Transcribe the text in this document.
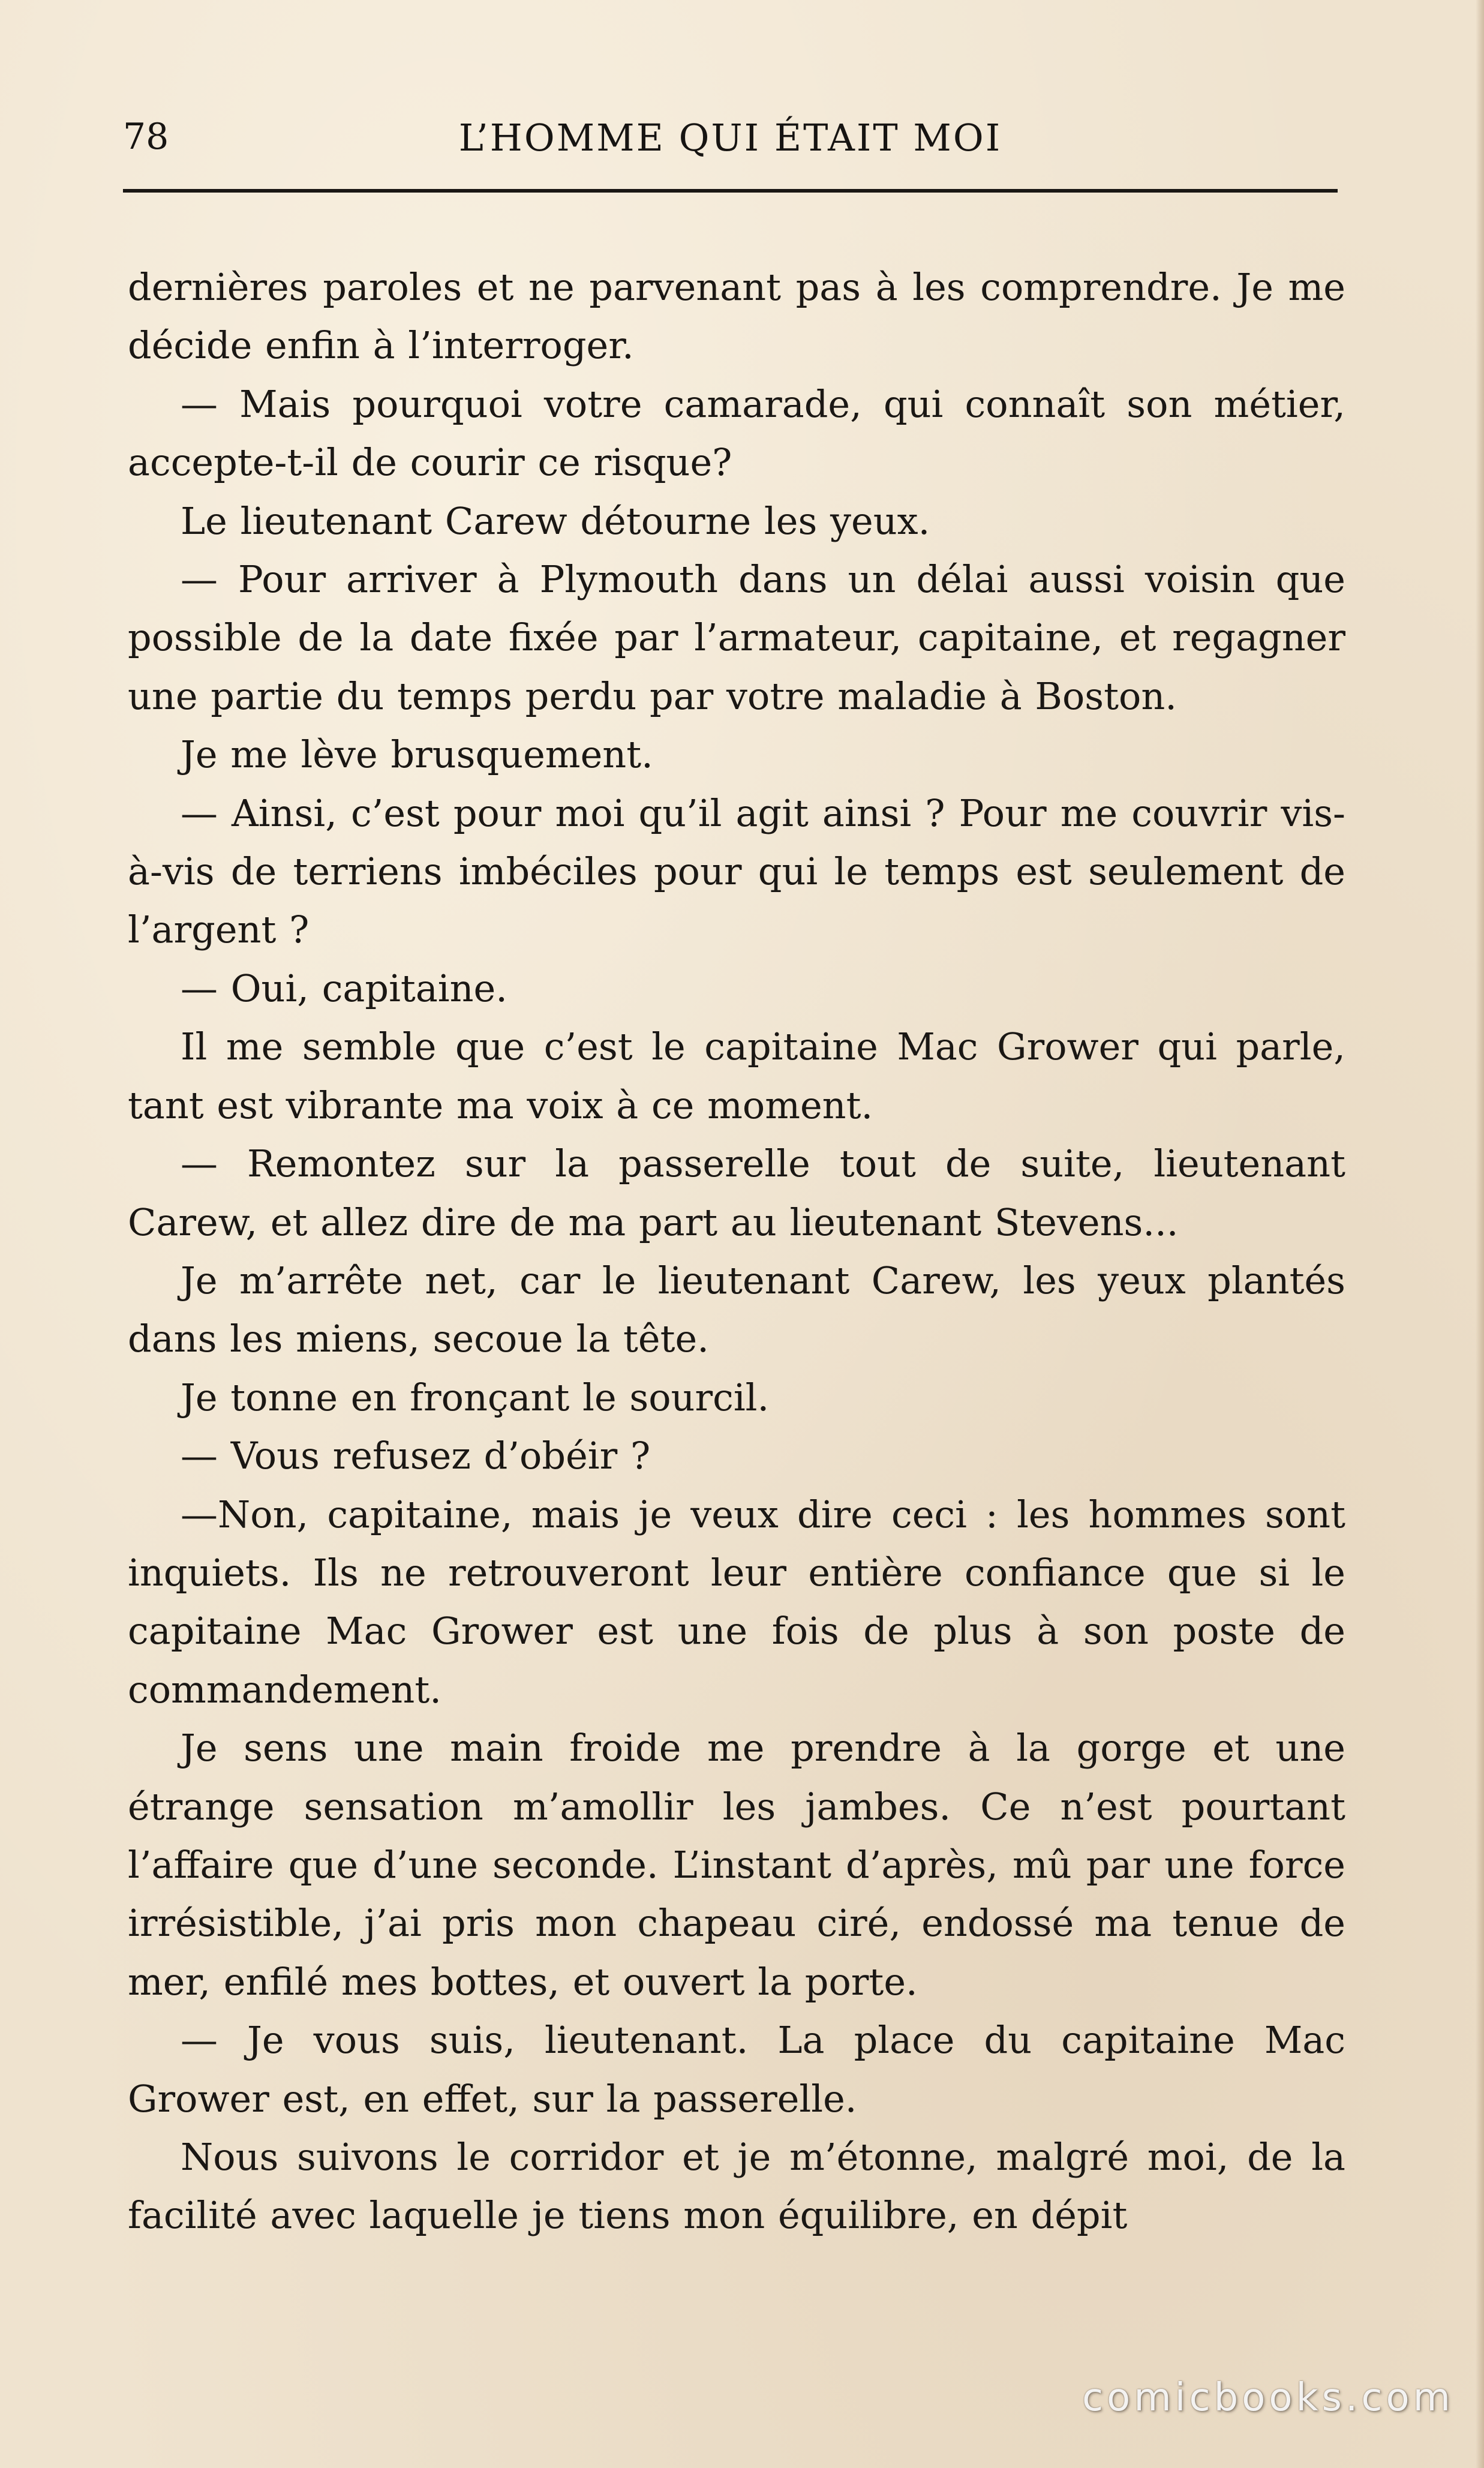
78	L’HOMME QUI ÉTAIT MOI

dernières paroles et ne parvenant pas à les comprendre. Je me décide enfin à l’interroger.

— Mais pourquoi votre camarade, qui connaît son métier, accepte-t-il de courir ce risque?

Le lieutenant Carew détourne les yeux.

— Pour arriver à Plymouth dans un délai aussi voisin que possible de la date fixée par l’armateur, capitaine, et regagner une partie du temps perdu par votre maladie à Boston.

Je me lève brusquement.

— Ainsi, c’est pour moi qu’il agit ainsi ? Pour me couvrir vis-à-vis de terriens imbéciles pour qui le temps est seulement de l’argent ?

— Oui, capitaine.

Il me semble que c’est le capitaine Mac Grower qui parle, tant est vibrante ma voix à ce moment.

— Remontez sur la passerelle tout de suite, lieutenant Carew, et allez dire de ma part au lieutenant Stevens...

Je m’arrête net, car le lieutenant Carew, les yeux plantés dans les miens, secoue la tête.

Je tonne en fronçant le sourcil.

— Vous refusez d’obéir ?

—Non, capitaine, mais je veux dire ceci : les hommes sont inquiets. Ils ne retrouveront leur entière confiance que si le capitaine Mac Grower est une fois de plus à son poste de commandement.

Je sens une main froide me prendre à la gorge et une étrange sensation m’amollir les jambes. Ce n’est pourtant l’affaire que d’une seconde. L’instant d’après, mû par une force irrésistible, j’ai pris mon chapeau ciré, endossé ma tenue de mer, enfilé mes bottes, et ouvert la porte.

— Je vous suis, lieutenant. La place du capitaine Mac Grower est, en effet, sur la passerelle.

Nous suivons le corridor et je m’étonne, malgré moi, de la facilité avec laquelle je tiens mon équilibre, en dépit

comicbooks.com
